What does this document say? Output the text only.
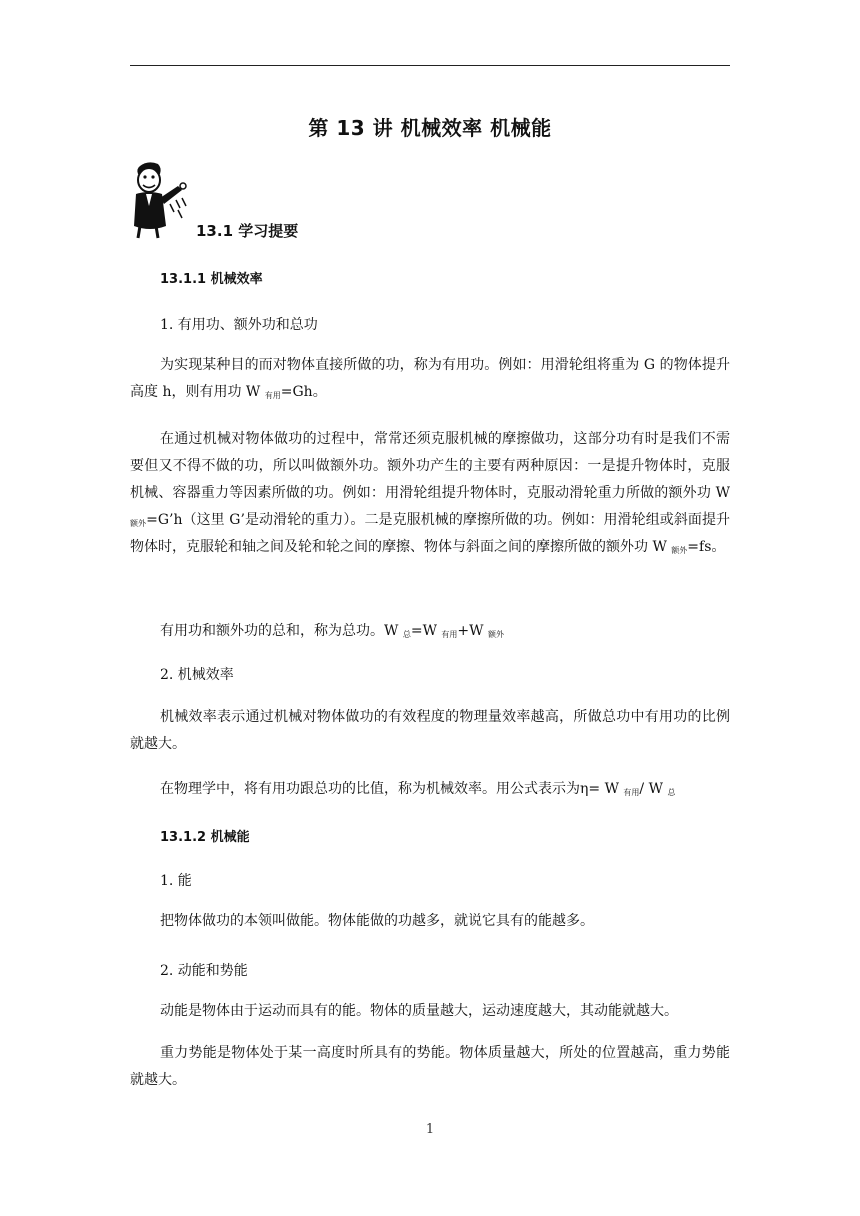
第 13 讲 机械效率 机械能
13.1 学习提要
13.1.1 机械效率
1. 有用功、额外功和总功

为实现某种目的而对物体直接所做的功，称为有用功。例如：用滑轮组将重为 G 的物体提升高度 h，则有用功 W $_{有用}$=Gh。

在通过机械对物体做功的过程中，常常还须克服机械的摩擦做功，这部分功有时是我们不需要但又不得不做的功，所以叫做额外功。额外功产生的主要有两种原因：一是提升物体时，克服机械、容器重力等因素所做的功。例如：用滑轮组提升物体时，克服动滑轮重力所做的额外功 W $_{额外}$=G’h（这里 G’是动滑轮的重力）。二是克服机械的摩擦所做的功。例如：用滑轮组或斜面提升物体时，克服轮和轴之间及轮和轮之间的摩擦、物体与斜面之间的摩擦所做的额外功 W $_{额外}$=fs。

有用功和额外功的总和，称为总功。W $_总$=W $_{有用}$+W $_{额外}$

2. 机械效率

机械效率表示通过机械对物体做功的有效程度的物理量效率越高，所做总功中有用功的比例就越大。

在物理学中，将有用功跟总功的比值，称为机械效率。用公式表示为η= W $_{有用}$/ W $_总$

13.1.2 机械能
1. 能

把物体做功的本领叫做能。物体能做的功越多，就说它具有的能越多。

2. 动能和势能

动能是物体由于运动而具有的能。物体的质量越大，运动速度越大，其动能就越大。

重力势能是物体处于某一高度时所具有的势能。物体质量越大，所处的位置越高，重力势能就越大。

1
